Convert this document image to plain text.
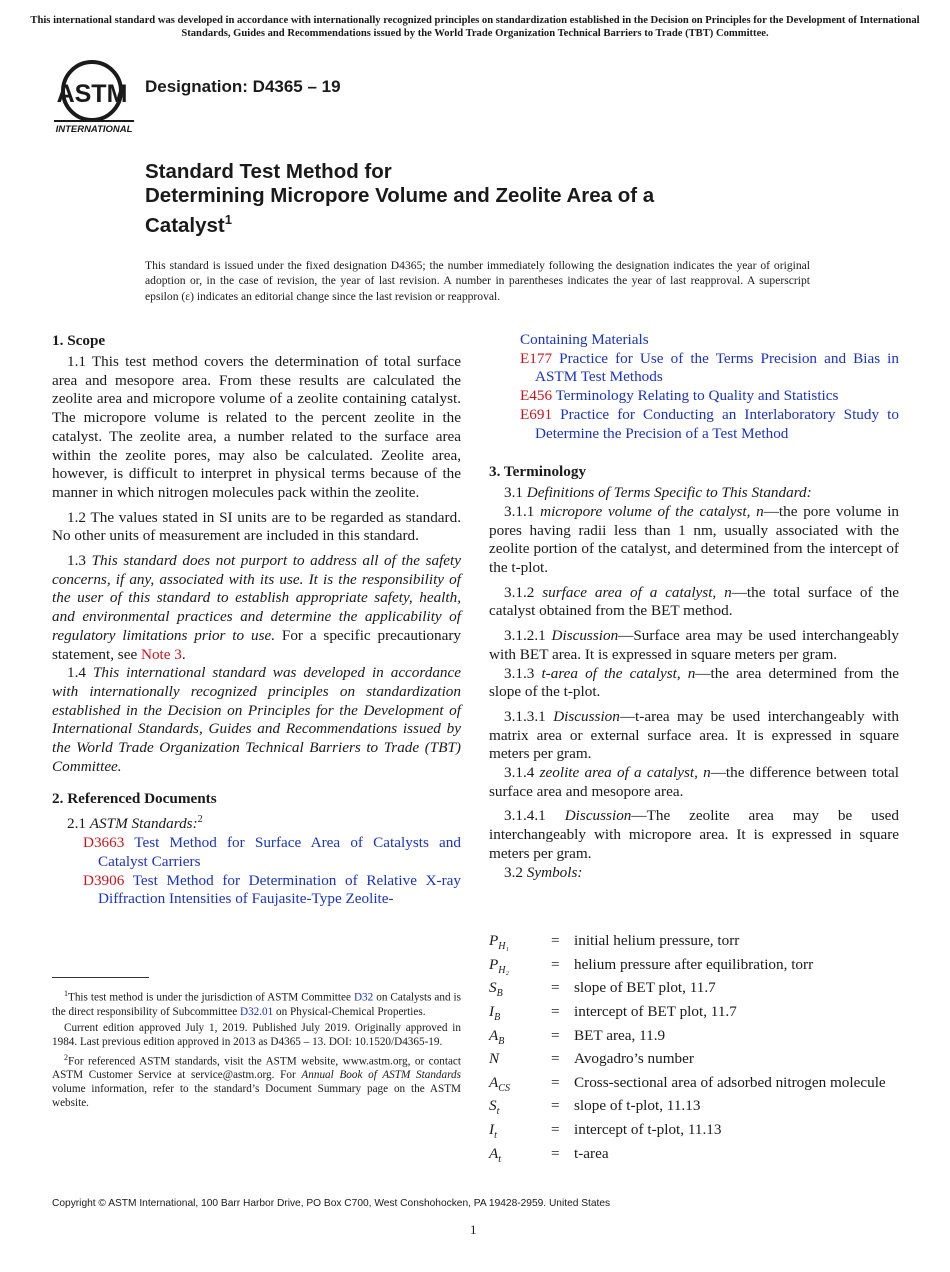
This international standard was developed in accordance with internationally recognized principles on standardization established in the Decision on Principles for the Development of International Standards, Guides and Recommendations issued by the World Trade Organization Technical Barriers to Trade (TBT) Committee.
ASTM
INTERNATIONAL
Designation: D4365 – 19
Standard Test Method for
Determining Micropore Volume and Zeolite Area of a
Catalyst$^1$
This standard is issued under the fixed designation D4365; the number immediately following the designation indicates the year of original adoption or, in the case of revision, the year of last revision. A number in parentheses indicates the year of last reapproval. A superscript epsilon (ε) indicates an editorial change since the last revision or reapproval.
1. Scope

1.1 This test method covers the determination of total surface area and mesopore area. From these results are calculated the zeolite area and micropore volume of a zeolite containing catalyst. The micropore volume is related to the percent zeolite in the catalyst. The zeolite area, a number related to the surface area within the zeolite pores, may also be calculated. Zeolite area, however, is difficult to interpret in physical terms because of the manner in which nitrogen molecules pack within the zeolite.

1.2 The values stated in SI units are to be regarded as standard. No other units of measurement are included in this standard.

1.3 This standard does not purport to address all of the safety concerns, if any, associated with its use. It is the responsibility of the user of this standard to establish appropriate safety, health, and environmental practices and determine the applicability of regulatory limitations prior to use. For a specific precautionary statement, see Note 3.

1.4 This international standard was developed in accordance with internationally recognized principles on standardization established in the Decision on Principles for the Development of International Standards, Guides and Recommendations issued by the World Trade Organization Technical Barriers to Trade (TBT) Committee.

2. Referenced Documents

2.1 ASTM Standards:$^2$

D3663 Test Method for Surface Area of Catalysts and Catalyst Carriers
D3906 Test Method for Determination of Relative X-ray Diffraction Intensities of Faujasite-Type Zeolite-

$^1$This test method is under the jurisdiction of ASTM Committee D32 on Catalysts and is the direct responsibility of Subcommittee D32.01 on Physical-Chemical Properties.

Current edition approved July 1, 2019. Published July 2019. Originally approved in 1984. Last previous edition approved in 2013 as D4365 – 13. DOI: 10.1520/D4365-19.

$^2$For referenced ASTM standards, visit the ASTM website, www.astm.org, or contact ASTM Customer Service at service@astm.org. For Annual Book of ASTM Standards volume information, refer to the standard’s Document Summary page on the ASTM website.

Containing Materials
E177 Practice for Use of the Terms Precision and Bias in ASTM Test Methods
E456 Terminology Relating to Quality and Statistics
E691 Practice for Conducting an Interlaboratory Study to Determine the Precision of a Test Method
3. Terminology

3.1 Definitions of Terms Specific to This Standard:

3.1.1 micropore volume of the catalyst, n—the pore volume in pores having radii less than 1 nm, usually associated with the zeolite portion of the catalyst, and determined from the intercept of the t-plot.

3.1.2 surface area of a catalyst, n—the total surface of the catalyst obtained from the BET method.

3.1.2.1 Discussion—Surface area may be used interchangeably with BET area. It is expressed in square meters per gram.

3.1.3 t-area of the catalyst, n—the area determined from the slope of the t-plot.

3.1.3.1 Discussion—t-area may be used interchangeably with matrix area or external surface area. It is expressed in square meters per gram.

3.1.4 zeolite area of a catalyst, n—the difference between total surface area and mesopore area.

3.1.4.1 Discussion—The zeolite area may be used interchangeably with micropore area. It is expressed in square meters per gram.

3.2 Symbols:

$P_{H_1}$	= initial helium pressure, torr
$P_{H_2}$	= helium pressure after equilibration, torr
$S_B$	= slope of BET plot, 11.7
$I_B$	= intercept of BET plot, 11.7
$A_B$	= BET area, 11.9
N	= Avogadro’s number
$A_{CS}$	= Cross-sectional area of adsorbed nitrogen molecule
$S_t$	= slope of t-plot, 11.13
$I_t$	= intercept of t-plot, 11.13
$A_t$	= t-area
Copyright © ASTM International, 100 Barr Harbor Drive, PO Box C700, West Conshohocken, PA 19428-2959. United States
1
